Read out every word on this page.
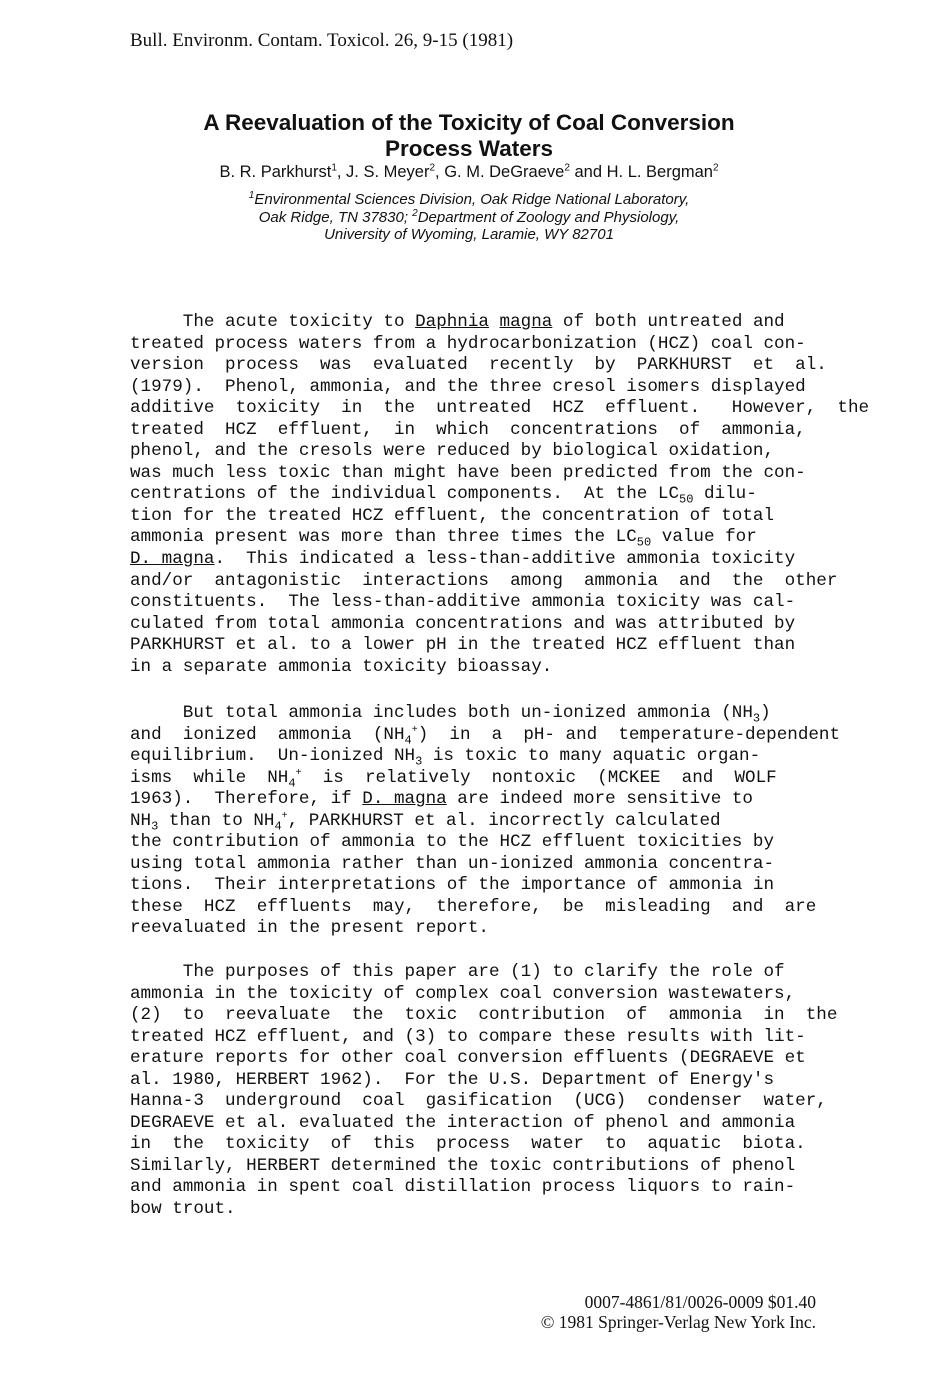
Bull. Environm. Contam. Toxicol. 26, 9-15 (1981)
A Reevaluation of the Toxicity of Coal Conversion
Process Waters
B. R. Parkhurst$^1$, J. S. Meyer$^2$, G. M. DeGraeve$^2$ and H. L. Bergman$^2$
$^1$Environmental Sciences Division, Oak Ridge National Laboratory,
Oak Ridge, TN 37830; $^2$Department of Zoology and Physiology,
University of Wyoming, Laramie, WY 82701
The acute toxicity to Daphnia magna of both untreated and
treated process waters from a hydrocarbonization (HCZ) coal con-
version  process  was  evaluated  recently  by  PARKHURST  et  al.
(1979).  Phenol, ammonia, and the three cresol isomers displayed
additive  toxicity  in  the  untreated  HCZ  effluent.   However,  the
treated  HCZ  effluent,  in  which  concentrations  of  ammonia,
phenol, and the cresols were reduced by biological oxidation,
was much less toxic than might have been predicted from the con-
centrations of the individual components.  At the $LC_{50}$ dilu-
tion for the treated HCZ effluent, the concentration of total
ammonia present was more than three times the $LC_{50}$ value for
D. magna.  This indicated a less-than-additive ammonia toxicity
and/or  antagonistic  interactions  among  ammonia  and  the  other
constituents.  The less-than-additive ammonia toxicity was cal-
culated from total ammonia concentrations and was attributed by
PARKHURST et al. to a lower pH in the treated HCZ effluent than
in a separate ammonia toxicity bioassay.
But total ammonia includes both un-ionized ammonia $(NH_3)$
and  ionized  ammonia  $(NH_4^+)$  in  a  pH- and  temperature-dependent
equilibrium.  Un-ionized $NH_3$ is toxic to many aquatic organ-
isms  while  $NH_4^+$  is  relatively  nontoxic  (MCKEE  and  WOLF
1963).  Therefore, if D. magna are indeed more sensitive to
$NH_3$ than to $NH_4^+$, PARKHURST et al. incorrectly calculated
the contribution of ammonia to the HCZ effluent toxicities by
using total ammonia rather than un-ionized ammonia concentra-
tions.  Their interpretations of the importance of ammonia in
these  HCZ  effluents  may,  therefore,  be  misleading  and  are
reevaluated in the present report.
The purposes of this paper are (1) to clarify the role of
ammonia in the toxicity of complex coal conversion wastewaters,
(2)  to  reevaluate  the  toxic  contribution  of  ammonia  in  the
treated HCZ effluent, and (3) to compare these results with lit-
erature reports for other coal conversion effluents (DEGRAEVE et
al. 1980, HERBERT 1962).  For the U.S. Department of Energy's
Hanna-3  underground  coal  gasification  (UCG)  condenser  water,
DEGRAEVE et al. evaluated the interaction of phenol and ammonia
in  the  toxicity  of  this  process  water  to  aquatic  biota.
Similarly, HERBERT determined the toxic contributions of phenol
and ammonia in spent coal distillation process liquors to rain-
bow trout.
0007-4861/81/0026-0009 $01.40
© 1981 Springer-Verlag New York Inc.
